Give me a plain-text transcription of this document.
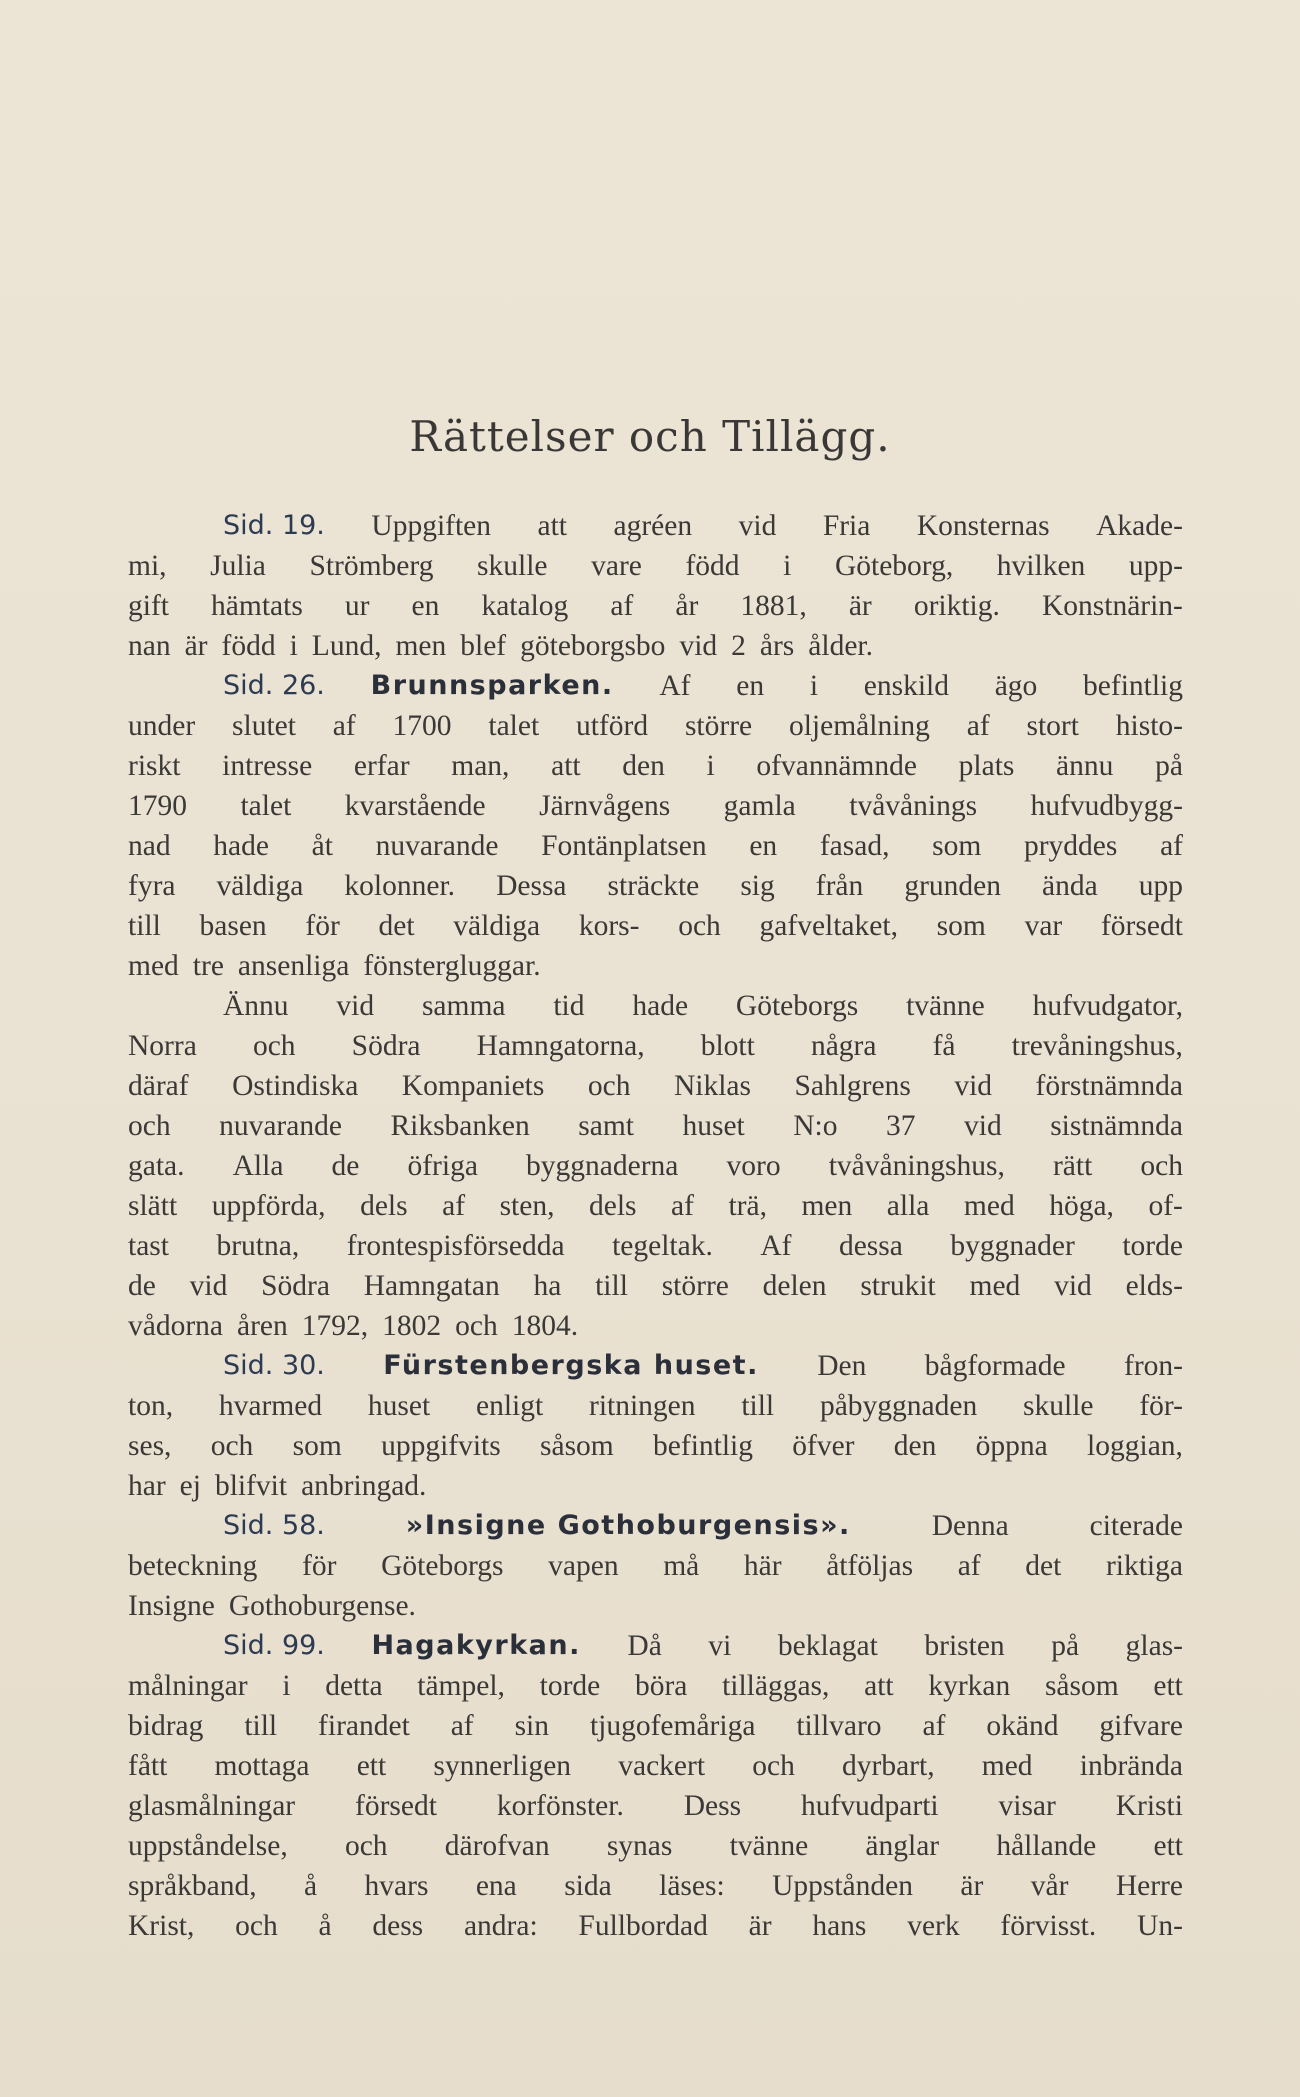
Rättelser och Tillägg.
Sid. 19. Uppgiften att agréen vid Fria Konsternas Akade-
mi, Julia Strömberg skulle vare född i Göteborg, hvilken upp-
gift hämtats ur en katalog af år 1881, är oriktig. Konstnärin-
nan är född i Lund, men blef göteborgsbo vid 2 års ålder.
Sid. 26. Brunnsparken. Af en i enskild ägo befintlig
under slutet af 1700 talet utförd större oljemålning af stort histo-
riskt intresse erfar man, att den i ofvannämnde plats ännu på
1790 talet kvarstående Järnvågens gamla tvåvånings hufvudbygg-
nad hade åt nuvarande Fontänplatsen en fasad, som pryddes af
fyra väldiga kolonner. Dessa sträckte sig från grunden ända upp
till basen för det väldiga kors- och gafveltaket, som var försedt
med tre ansenliga fönstergluggar.
Ännu vid samma tid hade Göteborgs tvänne hufvudgator,
Norra och Södra Hamngatorna, blott några få trevåningshus,
däraf Ostindiska Kompaniets och Niklas Sahlgrens vid förstnämnda
och nuvarande Riksbanken samt huset N:o 37 vid sistnämnda
gata. Alla de öfriga byggnaderna voro tvåvåningshus, rätt och
slätt uppförda, dels af sten, dels af trä, men alla med höga, of-
tast brutna, frontespisförsedda tegeltak. Af dessa byggnader torde
de vid Södra Hamngatan ha till större delen strukit med vid elds-
vådorna åren 1792, 1802 och 1804.
Sid. 30. Fürstenbergska huset. Den bågformade fron-
ton, hvarmed huset enligt ritningen till påbyggnaden skulle för-
ses, och som uppgifvits såsom befintlig öfver den öppna loggian,
har ej blifvit anbringad.
Sid. 58.	»Insigne Gothoburgensis».	Denna	citerade
beteckning för Göteborgs vapen må här åtföljas af det riktiga
Insigne Gothoburgense.
Sid. 99. Hagakyrkan. Då vi beklagat bristen på glas-
målningar i detta tämpel, torde böra tilläggas, att kyrkan såsom ett
bidrag till firandet af sin tjugofemåriga tillvaro af okänd gifvare
fått mottaga ett synnerligen vackert och dyrbart, med inbrända
glasmålningar försedt korfönster. Dess hufvudparti visar Kristi
uppståndelse, och därofvan synas tvänne änglar hållande ett
språkband, å hvars ena sida läses: Uppstånden är vår Herre
Krist, och å dess andra: Fullbordad är hans verk förvisst. Un-
